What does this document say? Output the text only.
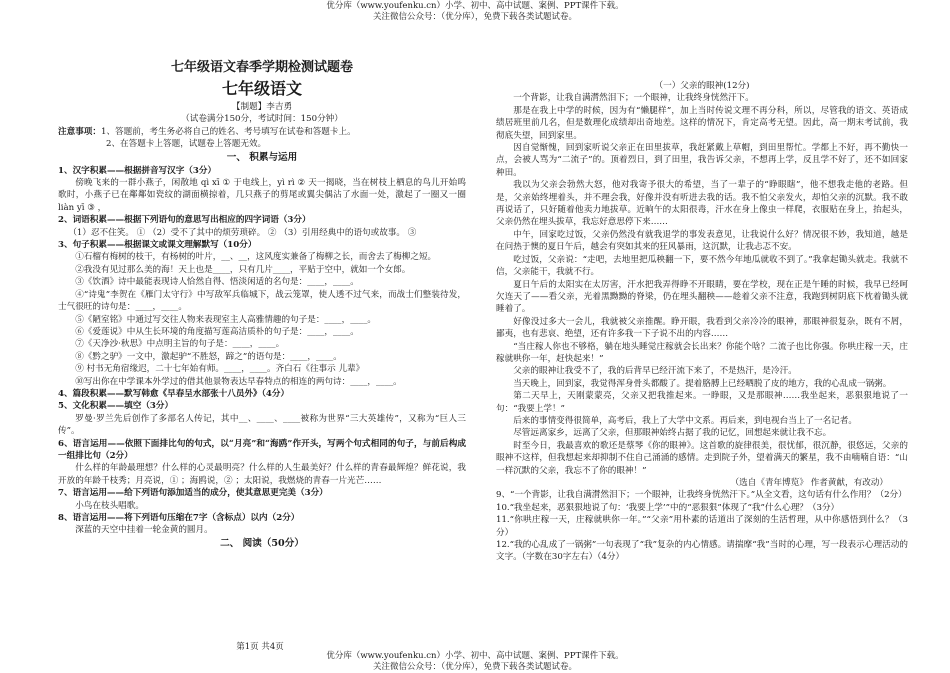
优分库（www.youfenku.cn）小学、初中、高中试题、案例、PPT课件下载。
关注微信公众号：（优分库），免费下载各类试题试卷。

七年级语文春季学期检测试题卷

七年级语文

【制题】李吉勇

（试卷满分150分，考试时间：150分钟）

注意事项： 1、答题前，考生务必将自己的姓名、考号填写在试卷和答题卡上。

2、在答题卡上答题，试题卷上答题无效。

一、 积累与运用

1、汉字积累——根据拼音写汉字（3分）

傍晚飞来的一群小燕子，闲散地 qì xī ① 于电线上，yì rì ② 天一揭晓，当在树枝上栖息的鸟儿开始鸣歌时，小燕子已在鄰鄰如瓷纹的湖面横掠着，几只燕子的剪尾或翼尖偶沾了水面一处，激起了一圈又一圈 liàn yī ③ ，

2、词语积累——根据下列语句的意思写出相应的四字词语（3分）

（1）忍不住笑。 ① （2）受不了其中的烦劳琐碎。 ② （3）引用经典中的语句或故事。 ③

3、句子积累——根据课文或课文理解默写（10分）

①石榴有梅树的枝干，有杨树的叶片，__、__，这风度实兼备了梅柳之长，而舍去了梅柳之短。

②我没有见过那么美的海！天上也是____，只有几片____，平贴于空中，就如一个女郎。

③《饮酒》诗中最能表现诗人恰然自得、悟淡闲适的名句是：____，____。

④“诗鬼”李贺在《雁门太守行》中写敌军兵临城下，战云笼罩，使人透不过气来，而战士们整装待发，士气很旺的诗句是：____，____。

⑤《陋室铭》中通过写交往人物来表现室主人高雅情趣的句子是：____，____。

⑥《爱莲说》中从生长环境的角度描写莲高洁质朴的句子是：____，____。

⑦《天净沙·秋思》中点明主旨的句子是：____，____。

⑧《黔之驴》一文中，激起驴“不胜怒，蹄之”的语句是：____，____。

⑨ 村书无角宿缘迟，二十七年始有师。____，____。齐白石《往事示 儿辈》

⑩写出你在中学课本外学过的借其他景物表达早春特点的相连的两句诗：____，____。

4、篇段积累——默写韩愈《早春呈水部张十八员外》（4分）

5、文化积累——填空（3分）

罗曼·罗兰先后创作了多部名人传记，其中__、____、____被称为世界“三大英雄传”，又称为“巨人三传”。

6、语言运用——依照下面排比句的句式，以“月亮”和“海鸥”作开头，写两个句式相同的句子，与前后构成一组排比句（2分）

什么样的年龄最理想？什么样的心灵最明亮？什么样的人生最美好？什么样的青春最辉煌？鲜花说，我开放的年龄千枝秀；月亮说，① ；海鸥说，② ；太阳说，我燃烧的青春一片光芒……

7、语言运用——给下列语句添加适当的成分，使其意思更完美（3分）

小鸟在枝头唱歌。

8、语言运用——将下列语句压缩在7字（含标点）以内（2分）

深蓝的天空中挂着一轮金黄的圆月。

二、 阅读（50分）

（一）父亲的眼神(12分)

一个背影，让我自满潸然泪下；一个眼神，让我终身恍然汗下。

那是在我上中学的时候，因为有“懒腿样”，加上当时传说文理不再分科，所以，尽管我的语文、英语成绩居班里前几名，但是数理化成绩却出奇地差。这样的情况下，肯定高考无望。因此，高一期末考试前，我彻底失望，回到家里。

因自觉惭愧，回到家听说父亲正在田里拔草，我赶紧戴上草帽，到田里帮忙。学都上不好，再不勤快一点，会被人骂为“二流子”的。顶着烈日，到了田里，我告诉父亲，不想再上学，反且学不好了，还不如回家种田。

我以为父亲会勃然大怒，他对我寄予很大的希望，当了一辈子的“睁眼瞎”，他不想我走他的老路。但是，父亲始终埋着头，并不理会我，好像并没有听进去我的话。我不怕父亲发火，却怕父亲的沉默。我不敢再说话了，只好随着他卖力地拔草。近晌午的太阳很毒，汗水在身上像虫一样爬，衣服贴在身上，抬起头，父亲仍然在埋头拔草，我忘好意思停下来……

中午，回家吃过饭，父亲仍然没有就我退学的事发表意见，让我说什么好？情况很不妙，我知道，越是在问热于懊的夏日午后，越会有突如其来的狂风暴雨，这沉默，让我忐忑不安。

吃过饭，父亲说：“走吧，去地里把瓜秧翻一下，要不然今年地瓜就收不到了。”我拿起锄头就走。我就不信，父亲能干，我就不行。

夏日午后的太阳实在太厉害，汗水把我弄得睁不开眼睛，要在学校，现在正是午睡的时候，我早已经呵欠连天了——看父亲，光着黑黝黝的脊梁，仍在埋头翻秧——趁着父亲不注意，我跑到树阴底下枕着锄头就睡着了。

好像没过多大一会儿，我就被父亲推醒。睁开眼，我看到父亲冷冷的眼神，那眼神很复杂，既有不屑，鄙夷，也有悲哀、绝望，还有许多我一下子说不出的内容……

“当庄稼人你也不够格，躺在地头睡觉庄稼就会长出来？你能个啥？二流子也比你强。你哄庄稼一天，庄稼就哄你一年，赶快起来！”

父亲的眼神让我受不了，我的后背早已经汗流下来了，不是热汗，是冷汗。

当天晚上，回到家，我觉得浑身骨头都酸了。提着胳膊上已经晒脱了皮的地方，我的心乱成一锅粥。

第二天早上，天刚蒙蒙亮，父亲又把我推起来。一睁眼，又是那眼神……我坐起来，恶狠狠地说了一句：“我要上学！”

后来的事情变得很简单，高考后，我上了大学中文系。再后来，到电视台当上了一名记者。

尽管远离家乡，远离了父亲，但那眼神始终占据了我的记忆，回想起来就让我不忘。

时至今日，我最喜欢的歌还是蔡琴《你的眼神》。这首歌的旋律很美，很忧郁，很沉静，很悠远，父亲的眼神不这样，但我想起来却抑制不住自己涌涌的感情。走到院子外，望着满天的繁星，我不由喃喃自语：“山一样沉默的父亲，我忘不了你的眼神！”

（选自《青年博览》 作者黄献，有改动）

9、“一个背影，让我自满潸然泪下；一个眼神，让我终身恍然汗下。”从全文看，这句话有什么作用？（2分）

10.“我坐起来，恶狠狠地说了句：‘我要上学’”中的“恶狠狠”体现了“我”什么心理？（3分）

11.“你哄庄稼一天，庄稼就哄你一年。”“父亲”用朴素的话道出了深刻的生活哲理，从中你感悟到什么？（3分）

12.“我的心乱成了一锅粥”一句表现了“我”复杂的内心情感。请揣摩“我”当时的心理，写一段表示心理活动的文字。（字数在30字左右）（4分）

第1页 共4页
优分库（www.youfenku.cn）小学、初中、高中试题、案例、PPT课件下载。
关注微信公众号：（优分库），免费下载各类试题试卷。
